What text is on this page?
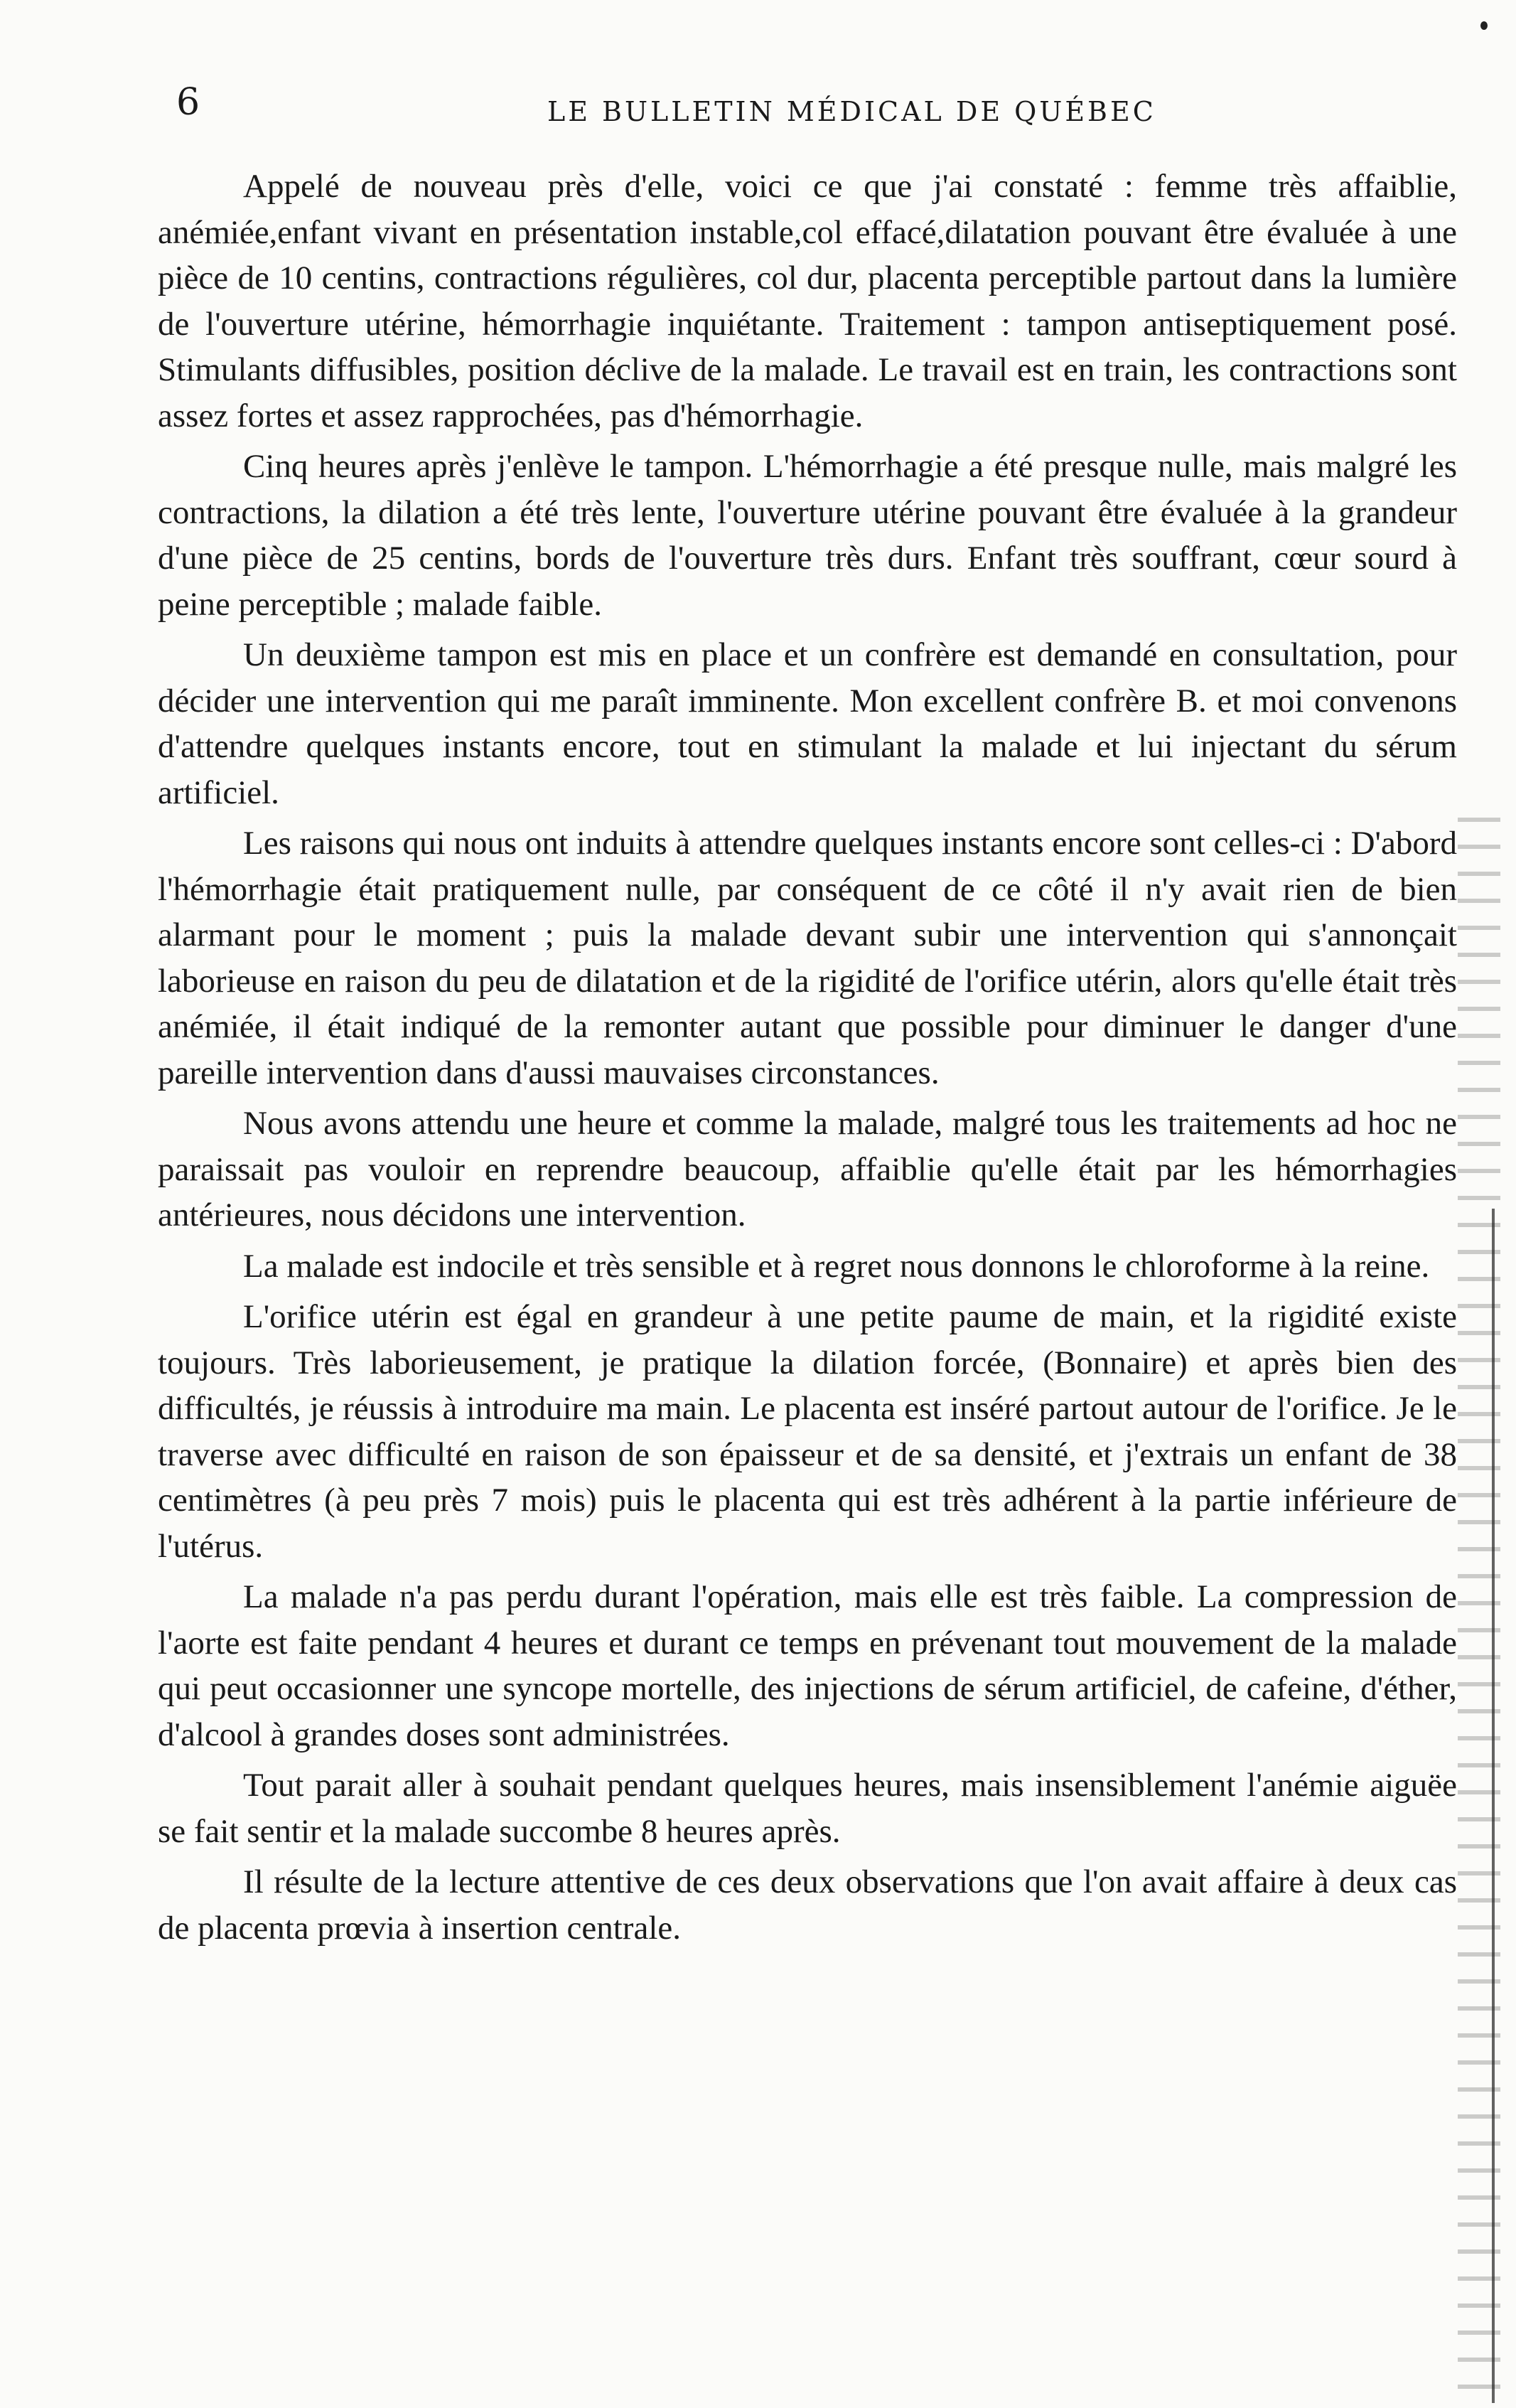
6	LE BULLETIN MÉDICAL DE QUÉBEC

Appelé de nouveau près d'elle, voici ce que j'ai constaté : femme très affaiblie, anémiée,enfant vivant en présentation instable,col effacé,dilatation pouvant être évaluée à une pièce de 10 centins, contractions régulières, col dur, placenta perceptible partout dans la lumière de l'ouverture utérine, hémorrhagie inquiétante. Traitement : tampon antiseptiquement posé. Stimulants diffusibles, position déclive de la malade. Le travail est en train, les contractions sont assez fortes et assez rapprochées, pas d'hémorrhagie.

Cinq heures après j'enlève le tampon. L'hémorrhagie a été presque nulle, mais malgré les contractions, la dilation a été très lente, l'ouverture utérine pouvant être évaluée à la grandeur d'une pièce de 25 centins, bords de l'ouverture très durs. Enfant très souffrant, cœur sourd à peine perceptible ; malade faible.

Un deuxième tampon est mis en place et un confrère est demandé en consultation, pour décider une intervention qui me paraît imminente. Mon excellent confrère B. et moi convenons d'attendre quelques instants encore, tout en stimulant la malade et lui injectant du sérum artificiel.

Les raisons qui nous ont induits à attendre quelques instants encore sont celles-ci : D'abord l'hémorrhagie était pratiquement nulle, par conséquent de ce côté il n'y avait rien de bien alarmant pour le moment ; puis la malade devant subir une intervention qui s'annonçait laborieuse en raison du peu de dilatation et de la rigidité de l'orifice utérin, alors qu'elle était très anémiée, il était indiqué de la remonter autant que possible pour diminuer le danger d'une pareille intervention dans d'aussi mauvaises circonstances.

Nous avons attendu une heure et comme la malade, malgré tous les traitements ad hoc ne paraissait pas vouloir en reprendre beaucoup, affaiblie qu'elle était par les hémorrhagies antérieures, nous décidons une intervention.

La malade est indocile et très sensible et à regret nous donnons le chloroforme à la reine.

L'orifice utérin est égal en grandeur à une petite paume de main, et la rigidité existe toujours. Très laborieusement, je pratique la dilation forcée, (Bonnaire) et après bien des difficultés, je réussis à introduire ma main. Le placenta est inséré partout autour de l'orifice. Je le traverse avec difficulté en raison de son épaisseur et de sa densité, et j'extrais un enfant de 38 centimètres (à peu près 7 mois) puis le placenta qui est très adhérent à la partie inférieure de l'utérus.

La malade n'a pas perdu durant l'opération, mais elle est très faible. La compression de l'aorte est faite pendant 4 heures et durant ce temps en prévenant tout mouvement de la malade qui peut occasionner une syncope mortelle, des injections de sérum artificiel, de cafeine, d'éther, d'alcool à grandes doses sont administrées.

Tout parait aller à souhait pendant quelques heures, mais insensiblement l'anémie aiguëe se fait sentir et la malade succombe 8 heures après.

Il résulte de la lecture attentive de ces deux observations que l'on avait affaire à deux cas de placenta prœvia à insertion centrale.
